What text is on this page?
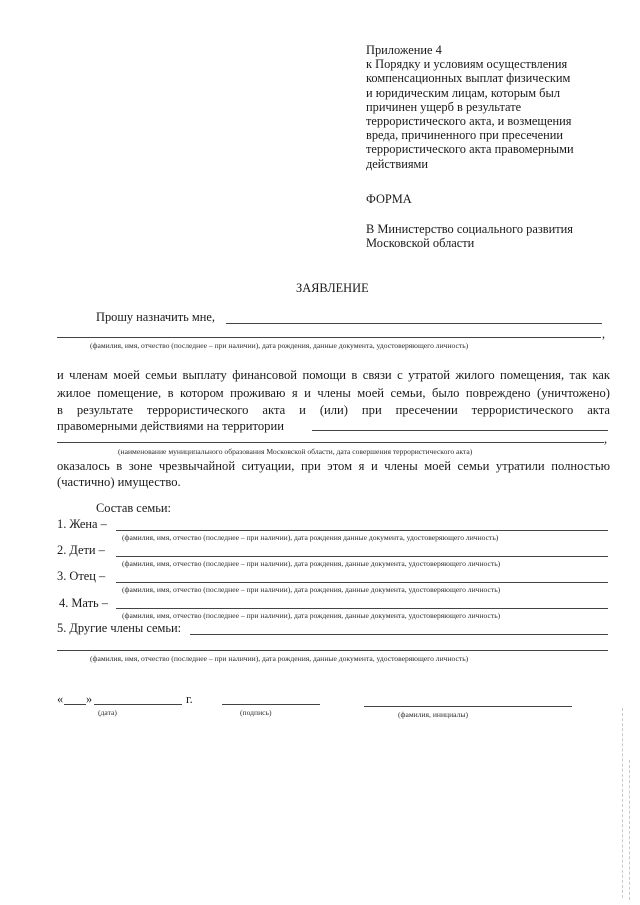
Приложение 4
к Порядку и условиям осуществления
компенсационных выплат физическим
и юридическим лицам, которым был
причинен ущерб в результате
террористического акта, и возмещения
вреда, причиненного при пресечении
террористического акта правомерными
действиями
ФОРМА
В Министерство социального развития
Московской области
ЗАЯВЛЕНИЕ
Прошу назначить мне,
,
(фамилия, имя, отчество (последнее – при наличии), дата рождения, данные документа, удостоверяющего личность)
и членам моей семьи выплату финансовой помощи в связи с утратой жилого помещения, так как
жилое помещение, в котором проживаю я и члены моей семьи, было повреждено (уничтожено)
в результате террористического акта и (или) при пресечении террористического акта
правомерными действиями на территории
,
(наименование муниципального образования Московской области, дата совершения террористического акта)
оказалось в зоне чрезвычайной ситуации, при этом я и члены моей семьи утратили полностью
(частично) имущество.
Состав семьи:
1. Жена –
(фамилия, имя, отчество (последнее – при наличии), дата рождения данные документа, удостоверяющего личность)
2. Дети –
(фамилия, имя, отчество (последнее – при наличии), дата рождения, данные документа, удостоверяющего личность)
3. Отец –
(фамилия, имя, отчество (последнее – при наличии), дата рождения, данные документа, удостоверяющего личность)
4. Мать –
(фамилия, имя, отчество (последнее – при наличии), дата рождения, данные документа, удостоверяющего личность)
5. Другие члены семьи:
(фамилия, имя, отчество (последнее – при наличии), дата рождения, данные документа, удостоверяющего личность)
« »	г.
(дата)	(подпись)	(фамилия, инициалы)
